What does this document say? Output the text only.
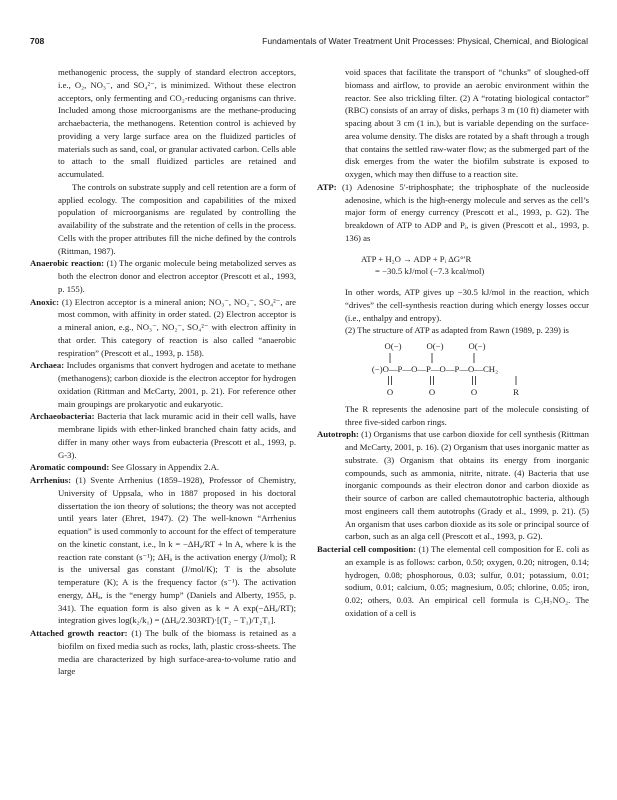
708	Fundamentals of Water Treatment Unit Processes: Physical, Chemical, and Biological

methanogenic process, the supply of standard electron acceptors, i.e., O₂, NO₃⁻, and SO₄²⁻, is minimized. Without these electron acceptors, only fermenting and CO₂-reducing organisms can thrive. Included among those microorganisms are the methane-producing archaebacteria, the methanogens. Retention control is achieved by providing a very large surface area on the fluidized particles of materials such as sand, coal, or granular activated carbon. Cells able to attach to the small fluidized particles are retained and accumulated.

The controls on substrate supply and cell retention are a form of applied ecology. The composition and capabilities of the mixed population of microorganisms are regulated by controlling the availability of the substrate and the retention of cells in the process. Cells with the proper attributes fill the niche defined by the controls (Rittman, 1987).

Anaerobic reaction: (1) The organic molecule being metabolized serves as both the electron donor and electron acceptor (Prescott et al., 1993, p. 155).

Anoxic: (1) Electron acceptor is a mineral anion; NO₃⁻, NO₂⁻, SO₄²⁻, are most common, with affinity in order stated. (2) Electron acceptor is a mineral anion, e.g., NO₃⁻, NO₂⁻, SO₄²⁻ with electron affinity in that order. This category of reaction is also called “anaerobic respiration” (Prescott et al., 1993, p. 158).

Archaea: Includes organisms that convert hydrogen and acetate to methane (methanogens); carbon dioxide is the electron acceptor for hydrogen oxidation (Rittman and McCarty, 2001, p. 21). For reference other main groupings are prokaryotic and eukaryotic.

Archaeobacteria: Bacteria that lack muramic acid in their cell walls, have membrane lipids with ether-linked branched chain fatty acids, and differ in many other ways from eubacteria (Prescott et al., 1993, p. G-3).

Aromatic compound: See Glossary in Appendix 2.A.

Arrhenius: (1) Svente Arrhenius (1859–1928), Professor of Chemistry, University of Uppsala, who in 1887 proposed in his doctoral dissertation the ion theory of solutions; the theory was not accepted until years later (Ehret, 1947). (2) The well-known “Arrhenius equation” is used commonly to account for the effect of temperature on the kinetic constant, i.e., ln k = −ΔHₐ/RT + ln A, where k is the reaction rate constant (s⁻¹); ΔHₐ is the activation energy (J/mol); R is the universal gas constant (J/mol/K); T is the absolute temperature (K); A is the frequency factor (s⁻¹). The activation energy, ΔHₐ, is the “energy hump” (Daniels and Alberty, 1955, p. 341). The equation form is also given as k = A exp(−ΔHₐ/RT); integration gives log(k₂/k₁) = (ΔHₐ/2.303RT)·[(T₂ − T₁)/T₂T₁].

Attached growth reactor: (1) The bulk of the biomass is retained as a biofilm on fixed media such as rocks, lath, plastic cross-sheets. The media are characterized by high surface-area-to-volume ratio and large

void spaces that facilitate the transport of “chunks” of sloughed-off biomass and airflow, to provide an aerobic environment within the reactor. See also trickling filter. (2) A “rotating biological contactor” (RBC) consists of an array of disks, perhaps 3 m (10 ft) diameter with spacing about 3 cm (1 in.), but is variable depending on the surface-area volume density. The disks are rotated by a shaft through a trough that contains the settled raw-water flow; as the submerged part of the disk emerges from the water the biofilm substrate is exposed to oxygen, which may then diffuse to a reaction site.

ATP: (1) Adenosine 5′-triphosphate; the triphosphate of the nucleoside adenosine, which is the high-energy molecule and serves as the cell’s major form of energy currency (Prescott et al., 1993, p. G2). The breakdown of ATP to ADP and Pᵢ, is given (Prescott et al., 1993, p. 136) as

ATP + H₂O → ADP + Pᵢ ΔG°′R
= −30.5 kJ/mol (−7.3 kcal/mol)

In other words, ATP gives up −30.5 kJ/mol in the reaction, which “drives” the cell-synthesis reaction during which energy losses occur (i.e., enthalpy and entropy).

(2) The structure of ATP as adapted from Rawn (1989, p. 239) is

O(−)	O(−)	O(−)
(−)O—P—O—P—O—P—O—CH₂
O	O	O	R

The R represents the adenosine part of the molecule consisting of three five-sided carbon rings.

Autotroph: (1) Organisms that use carbon dioxide for cell synthesis (Rittman and McCarty, 2001, p. 16). (2) Organism that uses inorganic matter as substrate. (3) Organism that obtains its energy from inorganic compounds, such as ammonia, nitrite, nitrate. (4) Bacteria that use inorganic compounds as their electron donor and carbon dioxide as their source of carbon are called chemautotrophic bacteria, although most engineers call them autotrophs (Grady et al., 1999, p. 21). (5) An organism that uses carbon dioxide as its sole or principal source of carbon, such as an alga cell (Prescott et al., 1993, p. G2).

Bacterial cell composition: (1) The elemental cell composition for E. coli as an example is as follows: carbon, 0.50; oxygen, 0.20; nitrogen, 0.14; hydrogen, 0.08; phosphorous, 0.03; sulfur, 0.01; potassium, 0.01; sodium, 0.01; calcium, 0.05; magnesium, 0.05; chlorine, 0.05; iron, 0.02; others, 0.03. An empirical cell formula is C₅H₇NO₂. The oxidation of a cell is
